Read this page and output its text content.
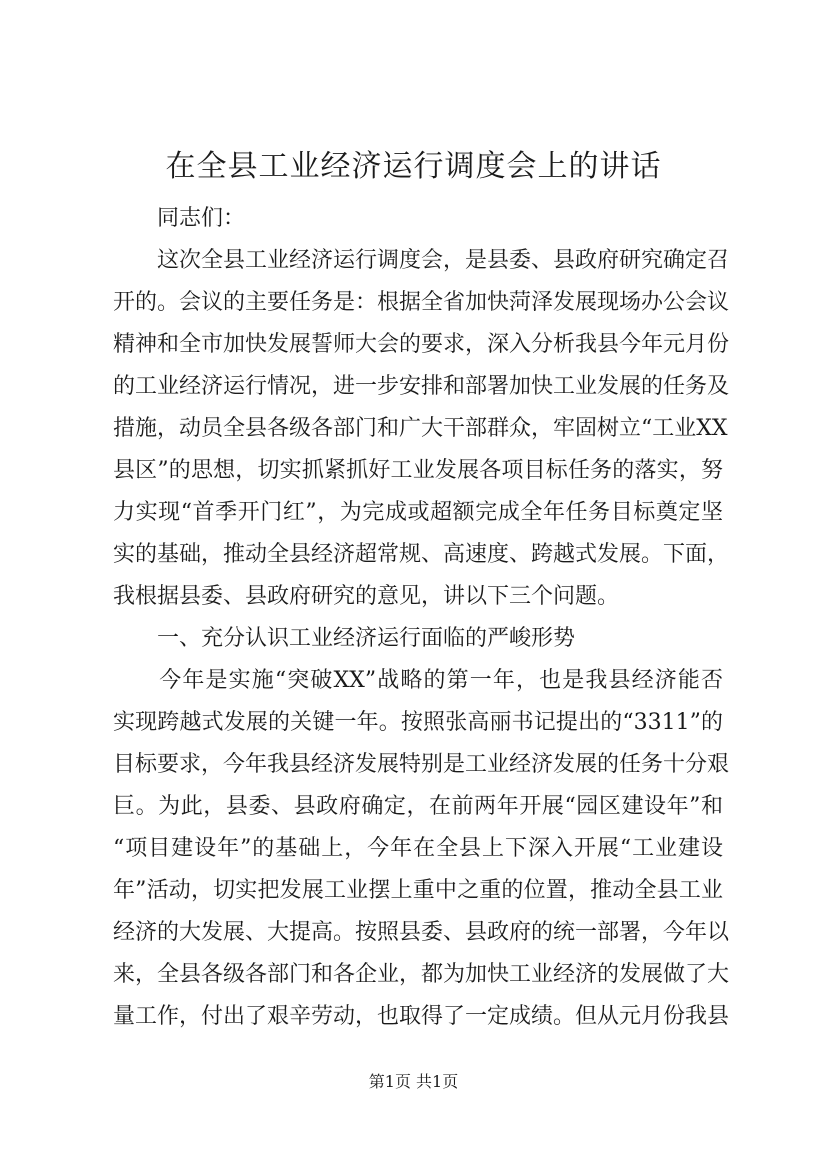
在全县工业经济运行调度会上的讲话

　　同志们：

　　这次全县工业经济运行调度会，是县委、县政府研究确定召

开的。会议的主要任务是：根据全省加快菏泽发展现场办公会议

精神和全市加快发展誓师大会的要求，深入分析我县今年元月份

的工业经济运行情况，进一步安排和部署加快工业发展的任务及

措施，动员全县各级各部门和广大干部群众，牢固树立“工业XX

县区”的思想，切实抓紧抓好工业发展各项目标任务的落实，努

力实现“首季开门红”，为完成或超额完成全年任务目标奠定坚

实的基础，推动全县经济超常规、高速度、跨越式发展。下面，

我根据县委、县政府研究的意见，讲以下三个问题。

　　一、充分认识工业经济运行面临的严峻形势

　　今年是实施“突破XX”战略的第一年，也是我县经济能否

实现跨越式发展的关键一年。按照张高丽书记提出的“3311”的

目标要求，今年我县经济发展特别是工业经济发展的任务十分艰

巨。为此，县委、县政府确定，在前两年开展“园区建设年”和

“项目建设年”的基础上，今年在全县上下深入开展“工业建设

年”活动，切实把发展工业摆上重中之重的位置，推动全县工业

经济的大发展、大提高。按照县委、县政府的统一部署，今年以

来，全县各级各部门和各企业，都为加快工业经济的发展做了大

量工作，付出了艰辛劳动，也取得了一定成绩。但从元月份我县

第1页 共1页
